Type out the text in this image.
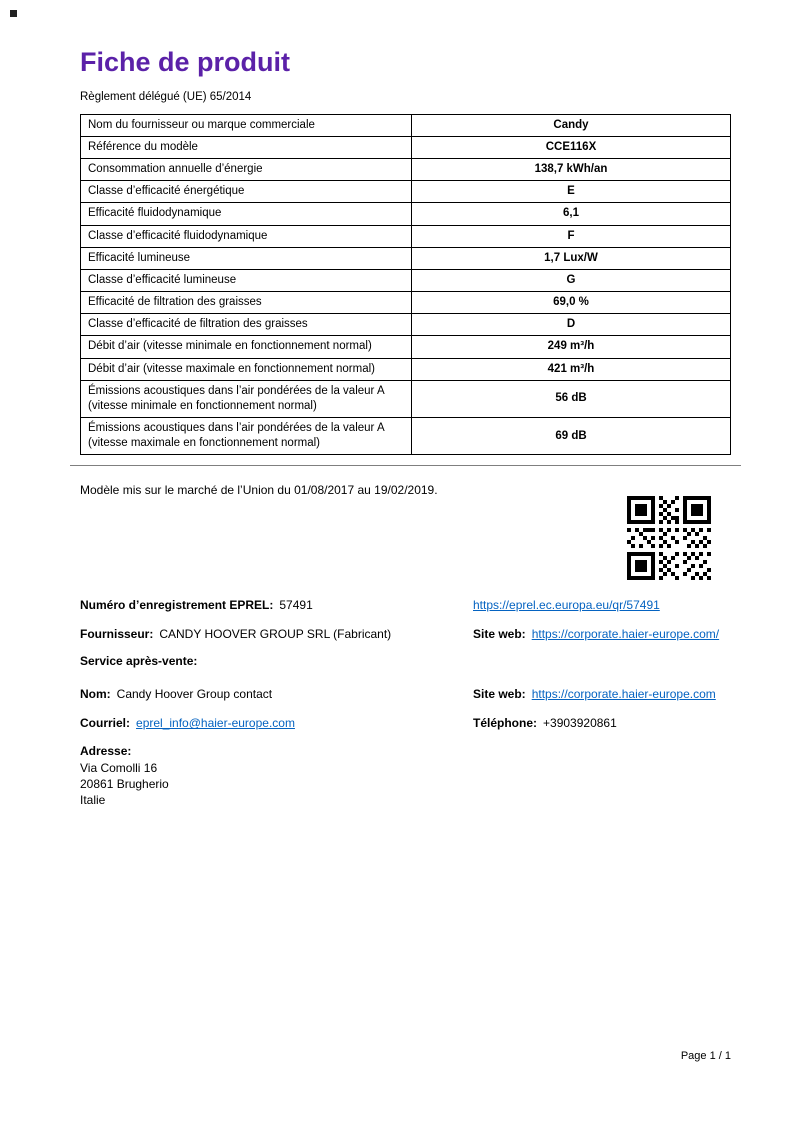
Fiche de produit
Règlement délégué (UE) 65/2014
Nom du fournisseur ou marque commerciale	Candy
Référence du modèle	CCE116X
Consommation annuelle d’énergie	138,7 kWh/an
Classe d’efficacité énergétique	E
Efficacité fluidodynamique	6,1
Classe d’efficacité fluidodynamique	F
Efficacité lumineuse	1,7 Lux/W
Classe d’efficacité lumineuse	G
Efficacité de filtration des graisses	69,0 %
Classe d’efficacité de filtration des graisses	D
Débit d’air (vitesse minimale en fonctionnement normal)	249 m³/h
Débit d’air (vitesse maximale en fonctionnement normal)	421 m³/h
Émissions acoustiques dans l’air pondérées de la valeur A (vitesse minimale en fonctionnement normal)	56 dB
Émissions acoustiques dans l’air pondérées de la valeur A (vitesse maximale en fonctionnement normal)	69 dB
Modèle mis sur le marché de l’Union du 01/08/2017 au 19/02/2019.
Numéro d’enregistrement EPREL: 57491	https://eprel.ec.europa.eu/qr/57491
Fournisseur: CANDY HOOVER GROUP SRL (Fabricant)	Site web: https://corporate.haier-europe.com/
Service après-vente:
Nom: Candy Hoover Group contact	Site web: https://corporate.haier-europe.com
Courriel: eprel_info@haier-europe.com	Téléphone: +3903920861
Adresse:
Via Comolli 16
20861 Brugherio
Italie
Page 1 / 1
